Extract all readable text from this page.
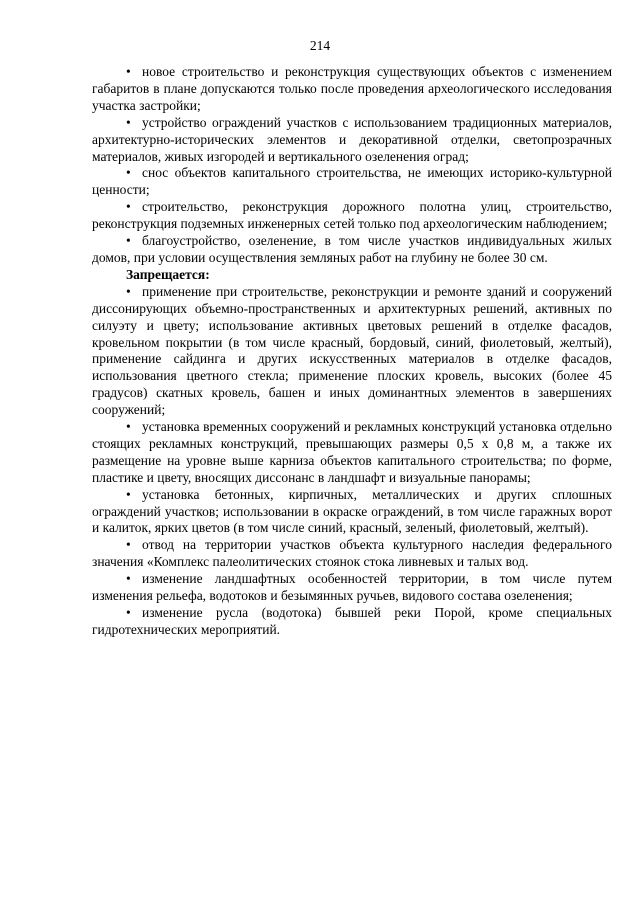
214

• новое строительство и реконструкция существующих объектов с изменением габаритов в плане допускаются только после проведения археологического исследования участка застройки;

• устройство ограждений участков с использованием традиционных материалов, архитектурно-исторических элементов и декоративной отделки, светопрозрачных материалов, живых изгородей и вертикального озеленения оград;

• снос объектов капитального строительства, не имеющих историко-культурной ценности;

• строительство, реконструкция дорожного полотна улиц, строительство, реконструкция подземных инженерных сетей только под археологическим наблюдением;

• благоустройство, озеленение, в том числе участков индивидуальных жилых домов, при условии осуществления земляных работ на глубину не более 30 см.

Запрещается:

• применение при строительстве, реконструкции и ремонте зданий и сооружений диссонирующих объемно-пространственных и архитектурных решений, активных по силуэту и цвету; использование активных цветовых решений в отделке фасадов, кровельном покрытии (в том числе красный, бордовый, синий, фиолетовый, желтый), применение сайдинга и других искусственных материалов в отделке фасадов, использования цветного стекла; применение плоских кровель, высоких (более 45 градусов) скатных кровель, башен и иных доминантных элементов в завершениях сооружений;

• установка временных сооружений и рекламных конструкций установка отдельно стоящих рекламных конструкций, превышающих размеры 0,5 х 0,8 м, а также их размещение на уровне выше карниза объектов капитального строительства; по форме, пластике и цвету, вносящих диссонанс в ландшафт и визуальные панорамы;

• установка бетонных, кирпичных, металлических и других сплошных ограждений участков; использовании в окраске ограждений, в том числе гаражных ворот и калиток, ярких цветов (в том числе синий, красный, зеленый, фиолетовый, желтый).

• отвод на территории участков объекта культурного наследия федерального значения «Комплекс палеолитических стоянок стока ливневых и талых вод.

• изменение ландшафтных особенностей территории, в том числе путем изменения рельефа, водотоков и безымянных ручьев, видового состава озеленения;

• изменение русла (водотока) бывшей реки Порой, кроме специальных гидротехнических мероприятий.
